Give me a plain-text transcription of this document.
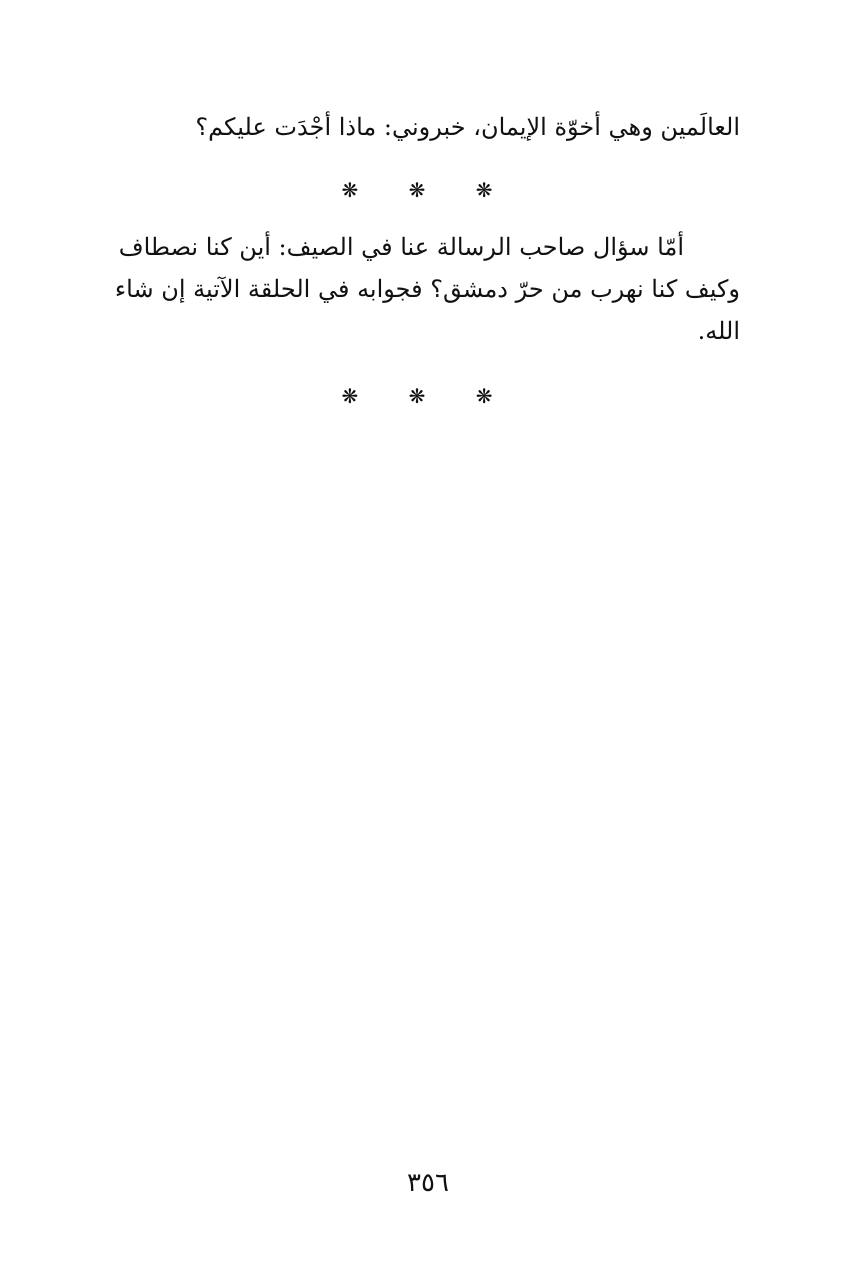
العالَمين وهي أخوّة الإيمان، خبروني: ماذا أجْدَت عليكم؟
❋ ❋ ❋
أمّا سؤال صاحب الرسالة عنا في الصيف: أين كنا نصطاف
وكيف كنا نهرب من حرّ دمشق؟ فجوابه في الحلقة الآتية إن شاء
الله.
❋ ❋ ❋
٣٥٦
